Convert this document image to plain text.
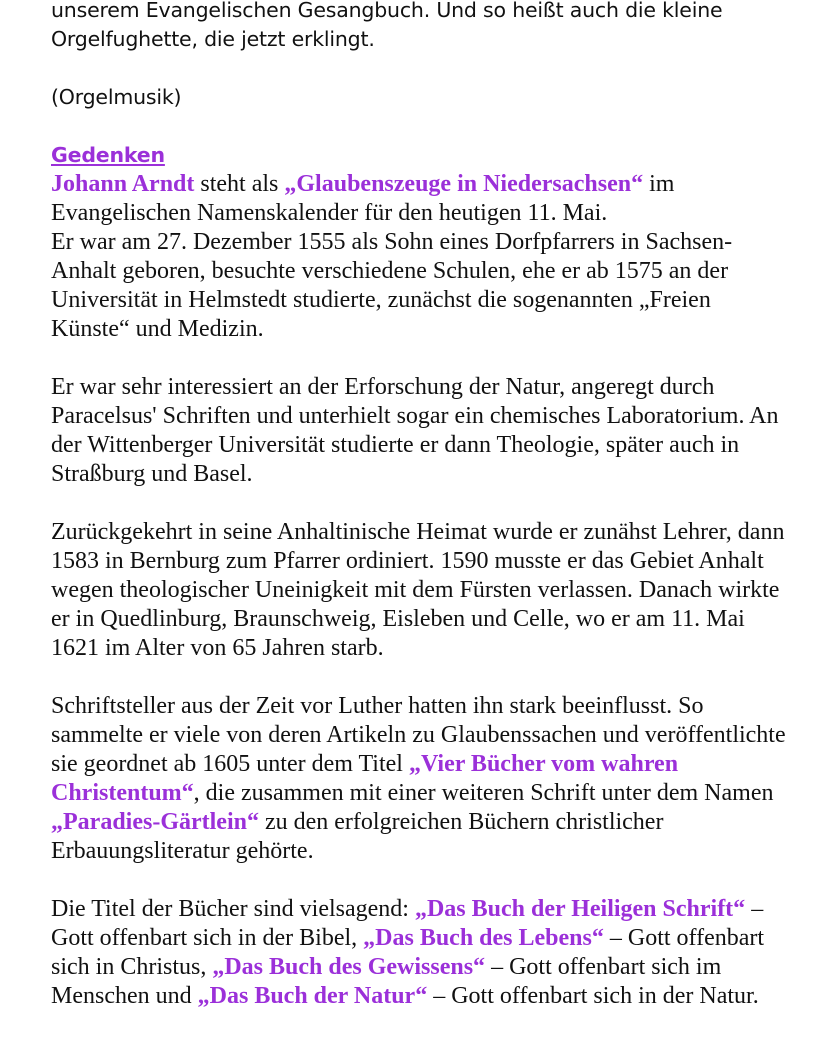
unserem Evangelischen Gesangbuch. Und so heißt auch die kleine

Orgelfughette, die jetzt erklingt.

(Orgelmusik)

Gedenken

Johann Arndt steht als „Glaubenszeuge in Niedersachsen“ im Evangelischen Namenskalender für den heutigen 11. Mai.

Er war am 27. Dezember 1555 als Sohn eines Dorfpfarrers in Sachsen-Anhalt geboren, besuchte verschiedene Schulen, ehe er ab 1575 an der Universität in Helmstedt studierte, zunächst die sogenannten „Freien Künste“ und Medizin.

Er war sehr interessiert an der Erforschung der Natur, angeregt durch Paracelsus' Schriften und unterhielt sogar ein chemisches Laboratorium. An der Wittenberger Universität studierte er dann Theologie, später auch in Straßburg und Basel.

Zurückgekehrt in seine Anhaltinische Heimat wurde er zunähst Lehrer, dann 1583 in Bernburg zum Pfarrer ordiniert. 1590 musste er das Gebiet Anhalt wegen theologischer Uneinigkeit mit dem Fürsten verlassen. Danach wirkte er in Quedlinburg, Braunschweig, Eisleben und Celle, wo er am 11. Mai 1621 im Alter von 65 Jahren starb.

Schriftsteller aus der Zeit vor Luther hatten ihn stark beeinflusst. So sammelte er viele von deren Artikeln zu Glaubenssachen und veröffentlichte sie geordnet ab 1605 unter dem Titel „Vier Bücher vom wahren Christentum“, die zusammen mit einer weiteren Schrift unter dem Namen „Paradies-Gärtlein“ zu den erfolgreichen Büchern christlicher Erbauungsliteratur gehörte.

Die Titel der Bücher sind vielsagend: „Das Buch der Heiligen Schrift“ – Gott offenbart sich in der Bibel, „Das Buch des Lebens“ – Gott offenbart sich in Christus, „Das Buch des Gewissens“ – Gott offenbart sich im Menschen und „Das Buch der Natur“ – Gott offenbart sich in der Natur.
